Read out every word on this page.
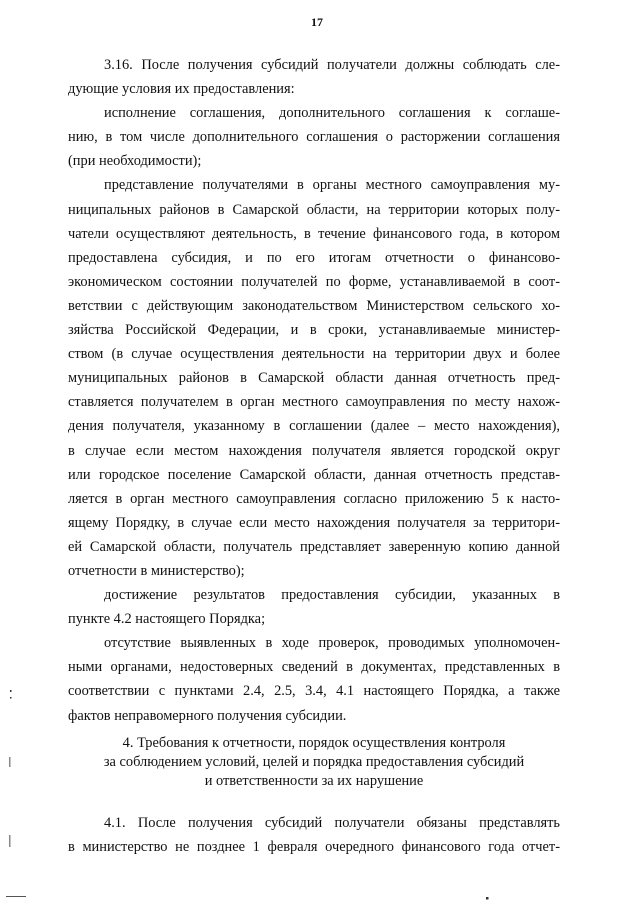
17
3.16. После получения субсидий получатели должны соблюдать сле-
дующие условия их предоставления:
исполнение соглашения, дополнительного соглашения к соглаше-
нию, в том числе дополнительного соглашения о расторжении соглашения
(при необходимости);
представление получателями в органы местного самоуправления му-
ниципальных районов в Самарской области, на территории которых полу-
чатели осуществляют деятельность, в течение финансового года, в котором
предоставлена субсидия, и по его итогам отчетности о финансово-
экономическом состоянии получателей по форме, устанавливаемой в соот-
ветствии с действующим законодательством Министерством сельского хо-
зяйства Российской Федерации, и в сроки, устанавливаемые министер-
ством (в случае осуществления деятельности на территории двух и более
муниципальных районов в Самарской области данная отчетность пред-
ставляется получателем в орган местного самоуправления по месту нахож-
дения получателя, указанному в соглашении (далее – место нахождения),
в случае если местом нахождения получателя является городской округ
или городское поселение Самарской области, данная отчетность представ-
ляется в орган местного самоуправления согласно приложению 5 к насто-
ящему Порядку, в случае если место нахождения получателя за территори-
ей Самарской области, получатель представляет заверенную копию данной
отчетности в министерство);
достижение результатов предоставления субсидии, указанных в
пункте 4.2 настоящего Порядка;
отсутствие выявленных в ходе проверок, проводимых уполномочен-
ными органами, недостоверных сведений в документах, представленных в
соответствии с пунктами 2.4, 2.5, 3.4, 4.1 настоящего Порядка, а также
фактов неправомерного получения субсидии.
4. Требования к отчетности, порядок осуществления контроля
за соблюдением условий, целей и порядка предоставления субсидий
и ответственности за их нарушение
4.1. После получения субсидий получатели обязаны представлять
в министерство не позднее 1 февраля очередного финансового года отчет-
